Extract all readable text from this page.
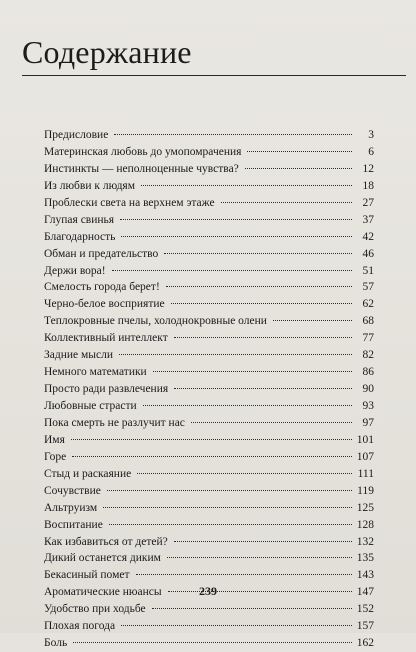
Содержание
Предисловие	3
Материнская любовь до умопомрачения	6
Инстинкты — неполноценные чувства?	12
Из любви к людям	18
Проблески света на верхнем этаже	27
Глупая свинья	37
Благодарность	42
Обман и предательство	46
Держи вора!	51
Смелость города берет!	57
Черно-белое восприятие	62
Теплокровные пчелы, холоднокровные олени	68
Коллективный интеллект	77
Задние мысли	82
Немного математики	86
Просто ради развлечения	90
Любовные страсти	93
Пока смерть не разлучит нас	97
Имя	101
Горе	107
Стыд и раскаяние	111
Сочувствие	119
Альтруизм	125
Воспитание	128
Как избавиться от детей?	132
Дикий останется диким	135
Бекасиный помет	143
Ароматические нюансы	147
Удобство при ходьбе	152
Плохая погода	157
Боль	162
239
